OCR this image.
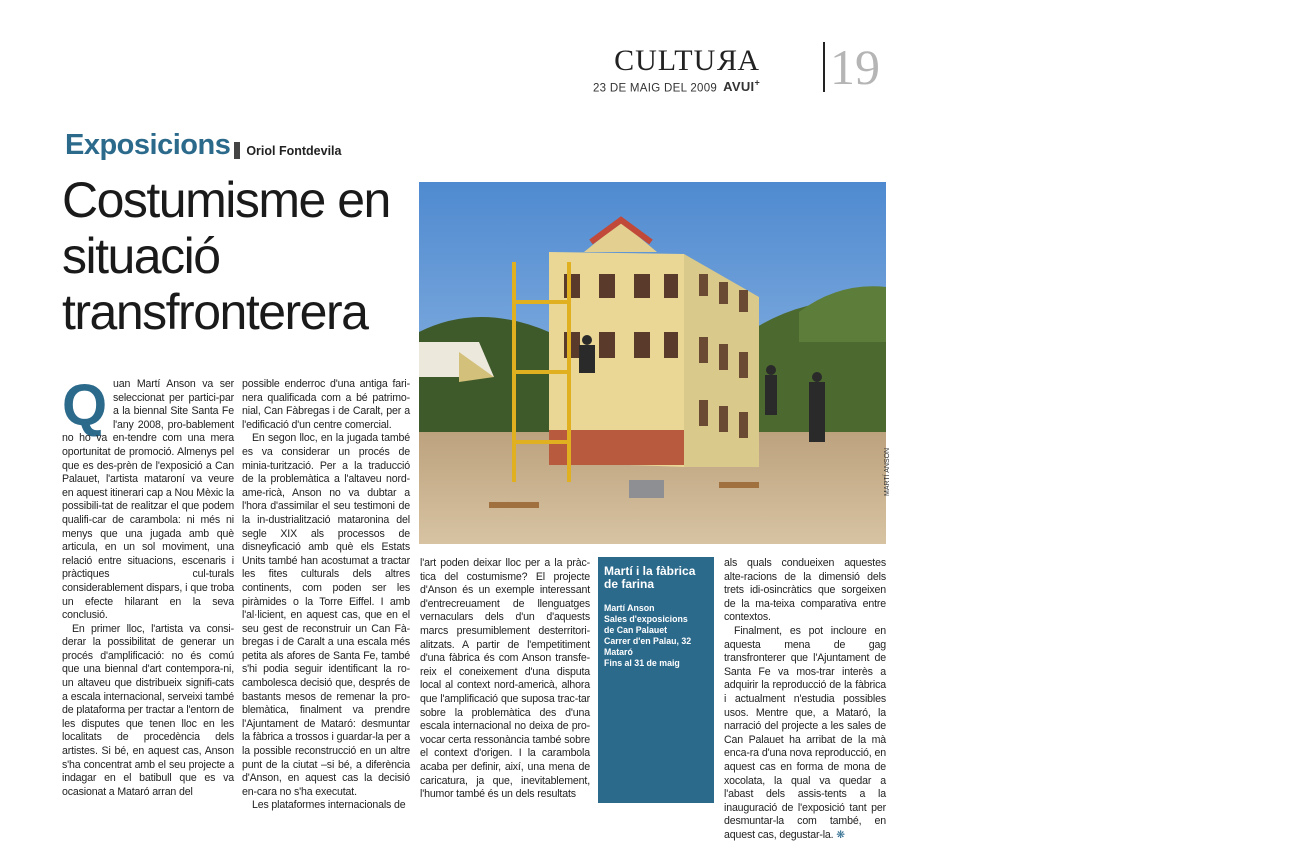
CULTURA
23 DE MAIG DEL 2009 AVUI+ 19
Exposicions Oriol Fontdevila
Costumisme en situació transfronterera

Quan Martí Anson va ser seleccionat per partici-par a la biennal Site Santa Fe l'any 2008, pro-bablement no ho va en-tendre com una mera oportunitat de promoció. Almenys pel que es des-prèn de l'exposició a Can Palauet, l'artista mataroní va veure en aquest itinerari cap a Nou Mèxic la possibili-tat de realitzar el que podem qualifi-car de carambola: ni més ni menys que una jugada amb què articula, en un sol moviment, una relació entre situacions, escenaris i pràctiques cul-turals considerablement dispars, i que troba un efecte hilarant en la seva conclusió.

En primer lloc, l'artista va consi-derar la possibilitat de generar un procés d'amplificació: no és comú que una biennal d'art contempora-ni, un altaveu que distribueix signifi-cats a escala internacional, serveixi també de plataforma per tractar a l'entorn de les disputes que tenen lloc en les localitats de procedència dels artistes. Si bé, en aquest cas, Anson s'ha concentrat amb el seu projecte a indagar en el batibull que es va ocasionat a Mataró arran del

possible enderroc d'una antiga fari-nera qualificada com a bé patrimo-nial, Can Fàbregas i de Caralt, per a l'edificació d'un centre comercial.

En segon lloc, en la jugada també es va considerar un procés de minia-turització. Per a la traducció de la problemàtica a l'altaveu nord-ame-ricà, Anson no va dubtar a l'hora d'assimilar el seu testimoni de la in-dustrialització mataronina del segle XIX als processos de disneyficació amb què els Estats Units també han acostumat a tractar les fites culturals dels altres continents, com poden ser les piràmides o la Torre Eiffel. I amb l'al·licient, en aquest cas, que en el seu gest de reconstruir un Can Fà-bregas i de Caralt a una escala més petita als afores de Santa Fe, també s'hi podia seguir identificant la ro-cambolesca decisió que, després de bastants mesos de remenar la pro-blemàtica, finalment va prendre l'Ajuntament de Mataró: desmuntar la fàbrica a trossos i guardar-la per a la possible reconstrucció en un altre punt de la ciutat –si bé, a diferència d'Anson, en aquest cas la decisió en-cara no s'ha executat.

Les plataformes internacionals de

Reproducció de la fàbrica Can Fàbregas i de Caralt a Santa Fe en la fase final de construcció
MARTÍ ANSON

l'art poden deixar lloc per a la pràc-tica del costumisme? El projecte d'Anson és un exemple interessant d'entrecreuament de llenguatges vernaculars dels d'un d'aquests marcs presumiblement desterritori-alitzats. A partir de l'empetitiment d'una fàbrica és com Anson transfe-reix el coneixement d'una disputa local al context nord-americà, alhora que l'amplificació que suposa trac-tar sobre la problemàtica des d'una escala internacional no deixa de pro-vocar certa ressonància també sobre el context d'origen. I la carambola acaba per definir, així, una mena de caricatura, ja que, inevitablement, l'humor també és un dels resultats

Martí i la fàbrica de farina
Martí Anson
Sales d'exposicions
de Can Palauet
Carrer d'en Palau, 32
Mataró
Fins al 31 de maig

als quals condueixen aquestes alte-racions de la dimensió dels trets idi-osincràtics que sorgeixen de la ma-teixa comparativa entre contextos.

Finalment, es pot incloure en aquesta mena de gag transfronterer que l'Ajuntament de Santa Fe va mos-trar interès a adquirir la reproducció de la fàbrica i actualment n'estudia possibles usos. Mentre que, a Mataró, la narració del projecte a les sales de Can Palauet ha arribat de la mà enca-ra d'una nova reproducció, en aquest cas en forma de mona de xocolata, la qual va quedar a l'abast dels assis-tents a la inauguració de l'exposició tant per desmuntar-la com també, en aquest cas, degustar-la. ❋
